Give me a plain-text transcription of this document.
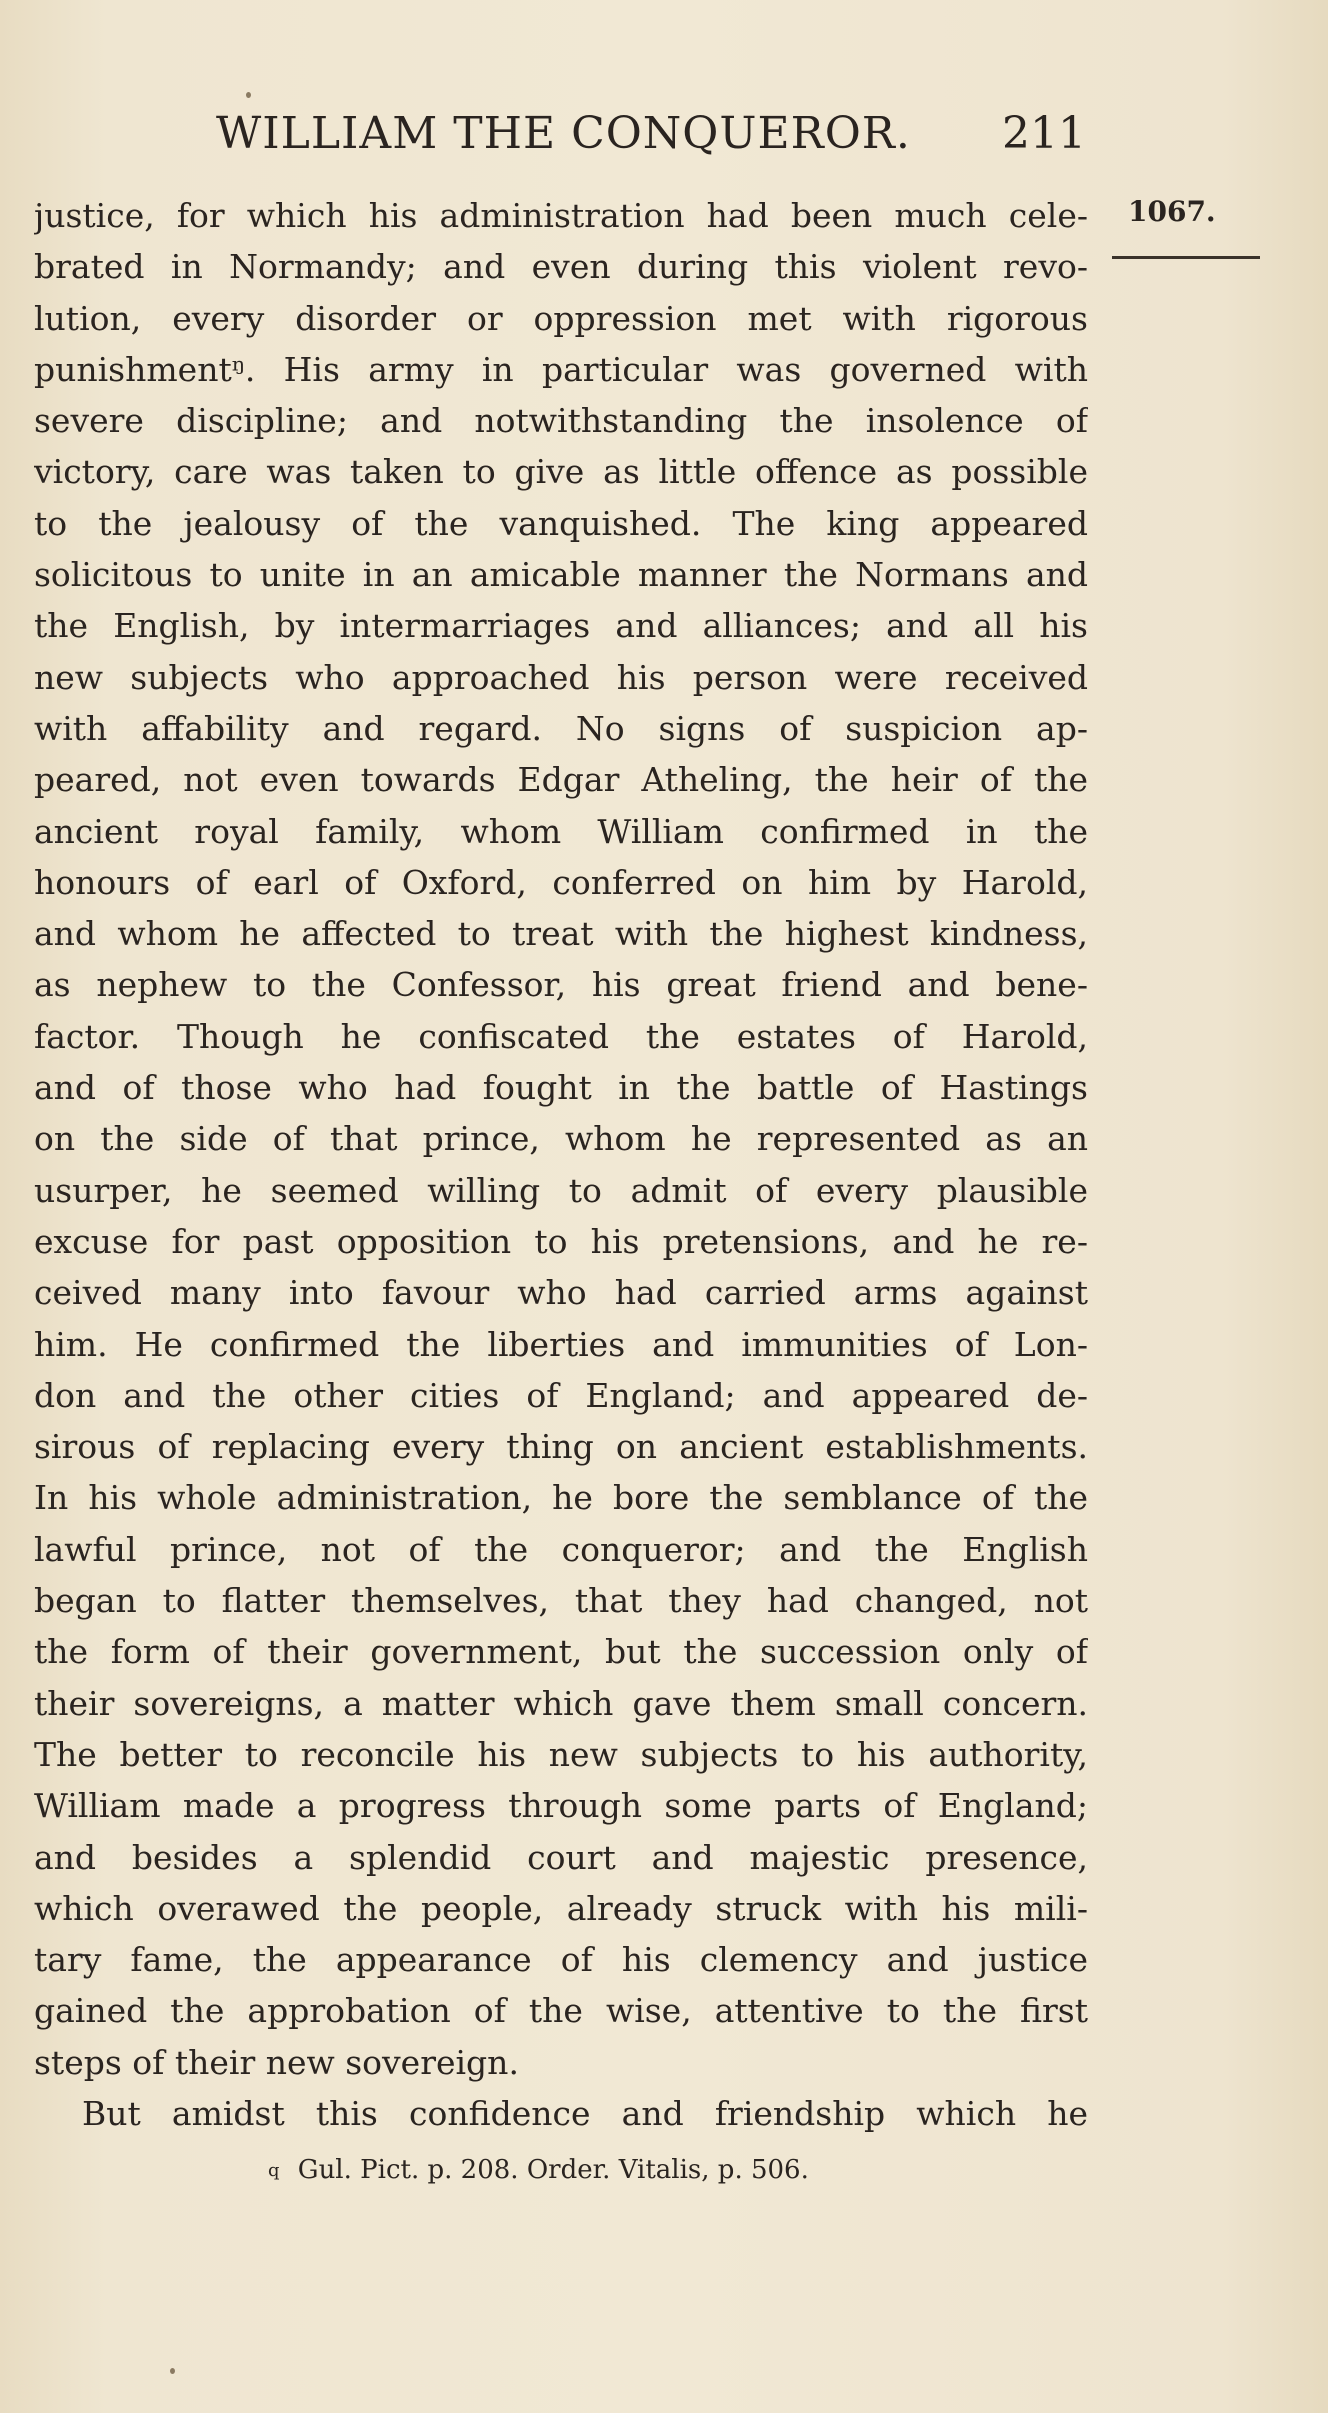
WILLIAM THE CONQUEROR. 211
1067.
justice, for which his administration had been much cele-
brated in Normandy; and even during this violent revo-
lution, every disorder or oppression met with rigorous
punishmentᵑ. His army in particular was governed with
severe discipline; and notwithstanding the insolence of
victory, care was taken to give as little offence as possible
to the jealousy of the vanquished. The king appeared
solicitous to unite in an amicable manner the Normans and
the English, by intermarriages and alliances; and all his
new subjects who approached his person were received
with affability and regard. No signs of suspicion ap-
peared, not even towards Edgar Atheling, the heir of the
ancient royal family, whom William confirmed in the
honours of earl of Oxford, conferred on him by Harold,
and whom he affected to treat with the highest kindness,
as nephew to the Confessor, his great friend and bene-
factor. Though he confiscated the estates of Harold,
and of those who had fought in the battle of Hastings
on the side of that prince, whom he represented as an
usurper, he seemed willing to admit of every plausible
excuse for past opposition to his pretensions, and he re-
ceived many into favour who had carried arms against
him. He confirmed the liberties and immunities of Lon-
don and the other cities of England; and appeared de-
sirous of replacing every thing on ancient establishments.
In his whole administration, he bore the semblance of the
lawful prince, not of the conqueror; and the English
began to flatter themselves, that they had changed, not
the form of their government, but the succession only of
their sovereigns, a matter which gave them small concern.
The better to reconcile his new subjects to his authority,
William made a progress through some parts of England;
and besides a splendid court and majestic presence,
which overawed the people, already struck with his mili-
tary fame, the appearance of his clemency and justice
gained the approbation of the wise, attentive to the first
steps of their new sovereign.
But amidst this confidence and friendship which he
q Gul. Pict. p. 208. Order. Vitalis, p. 506.
